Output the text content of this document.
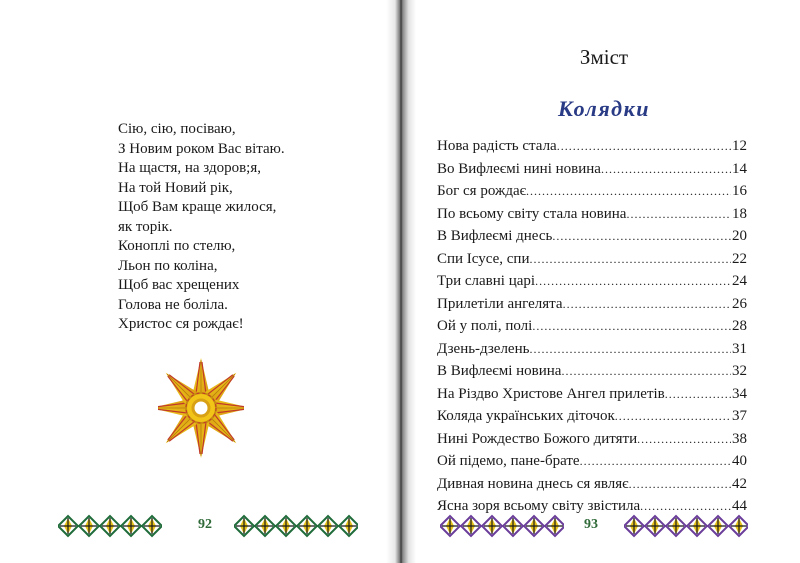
Сію, сію, посіваю,
З Новим роком Вас вітаю.
На щастя, на здоров;я,
На той Новий рік,
Щоб Вам краще жилося,
як торік.
Коноплі по стелю,
Льон по коліна,
Щоб вас хрещених
Голова не боліла.
Христос ся рождає!
92
Зміст
Колядки
Нова радість стала .....	12
Во Вифлеємі нині новина .....	14
Бог ся рождає .....	16
По всьому світу стала новина .....	18
В Вифлеємі днесь .....	20
Спи Ісусе, спи .....	22
Три славні царі .....	24
Прилетіли ангелята .....	26
Ой у полі, полі .....	28
Дзень-дзелень .....	31
В Вифлеємі новина .....	32
На Різдво Христове Ангел прилетів .....	34
Коляда українських діточок .....	37
Нині Рождество Божого дитяти .....	38
Ой підемо, пане-брате .....	40
Дивная новина днесь ся являє .....	42
Ясна зоря всьому світу звістила .....	44
93
